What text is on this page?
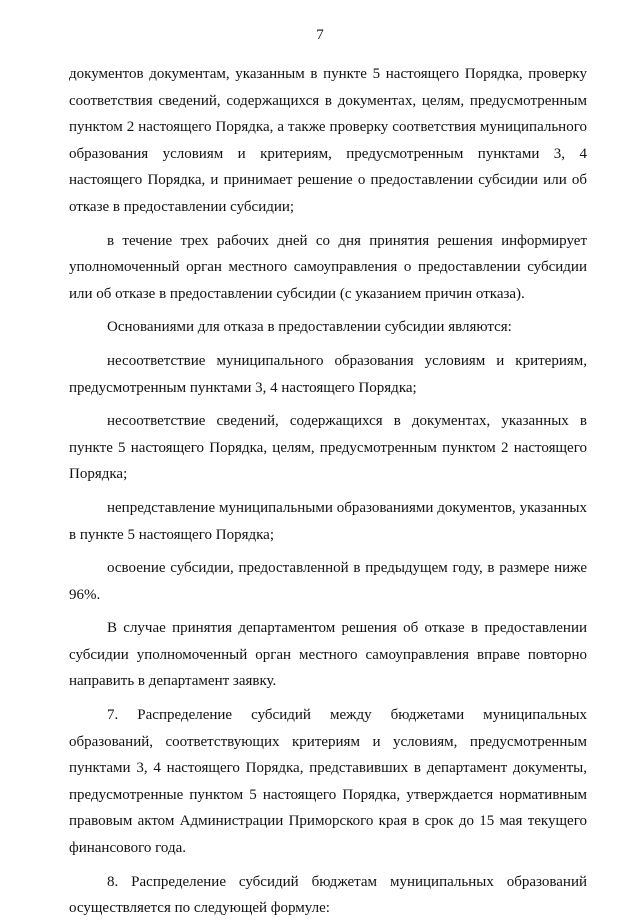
7

документов документам, указанным в пункте 5 настоящего Порядка, проверку соответствия сведений, содержащихся в документах, целям, предусмотренным пунктом 2 настоящего Порядка, а также проверку соответствия муниципального образования условиям и критериям, предусмотренным пунктами 3, 4 настоящего Порядка, и принимает решение о предоставлении субсидии или об отказе в предоставлении субсидии;

в течение трех рабочих дней со дня принятия решения информирует уполномоченный орган местного самоуправления о предоставлении субсидии или об отказе в предоставлении субсидии (с указанием причин отказа).

Основаниями для отказа в предоставлении субсидии являются:

несоответствие муниципального образования условиям и критериям, предусмотренным пунктами 3, 4 настоящего Порядка;

несоответствие сведений, содержащихся в документах, указанных в пункте 5 настоящего Порядка, целям, предусмотренным пунктом 2 настоящего Порядка;

непредставление муниципальными образованиями документов, указанных в пункте 5 настоящего Порядка;

освоение субсидии, предоставленной в предыдущем году, в размере ниже 96%.

В случае принятия департаментом решения об отказе в предоставлении субсидии уполномоченный орган местного самоуправления вправе повторно направить в департамент заявку.

7. Распределение субсидий между бюджетами муниципальных образований, соответствующих критериям и условиям, предусмотренным пунктами 3, 4 настоящего Порядка, представивших в департамент документы, предусмотренные пунктом 5 настоящего Порядка, утверждается нормативным правовым актом Администрации Приморского края в срок до 15 мая текущего финансового года.

8. Распределение субсидий бюджетам муниципальных образований осуществляется по следующей формуле:
